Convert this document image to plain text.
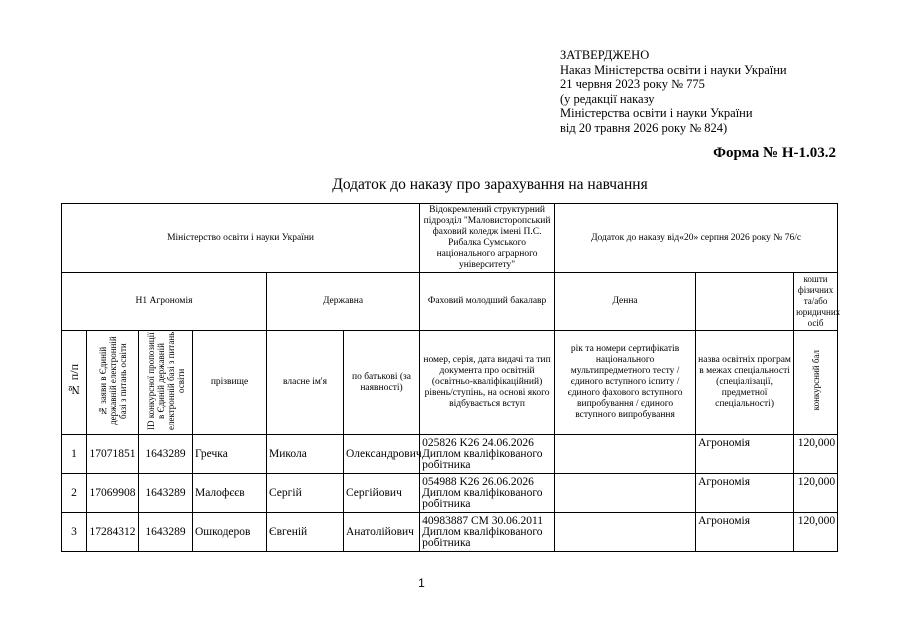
ЗАТВЕРДЖЕНО
Наказ Міністерства освіти і науки України
21 червня 2023 року № 775
(у редакції наказу
Міністерства освіти і науки України
від 20 травня 2026 року № 824)
Форма № Н-1.03.2
Додаток до наказу про зарахування на навчання
Міністерство освіти і науки України						Відокремлений структурний підрозділ "Маловисторопський фаховий коледж імені П.С. Рибалка Сумського національного аграрного університету"	Додаток до наказу від«20» серпня 2026 року № 76/с		
H1 Агрономія				Державна		Фаховий молодший бакалавр	Денна		кошти фізичних та/або юридичних осіб
№ п/п	№ заяви в Єдиній державній електронній базі з питань освіти	ID конкурсної пропозиції в Єдиній державній електронній базі з питань освіти	прізвище	власне ім'я	по батькові (за наявності)	номер, серія, дата видачі та тип документа про освітній (освітньо-кваліфікаційний) рівень/ступінь, на основі якого відбувається вступ	рік та номери сертифікатів національного мультипредметного тесту / єдиного вступного іспиту / єдиного фахового вступного випробування / єдиного вступного випробування	назва освітніх програм в межах спеціальності (спеціалізації, предметної спеціальності)	конкурсний бал
1	17071851	1643289	Гречка	Микола	Олександрович	025826 K26 24.06.2026 Диплом кваліфікованого робітника		Агрономія	120,000
2	17069908	1643289	Малофєєв	Сергій	Сергійович	054988 K26 26.06.2026 Диплом кваліфікованого робітника		Агрономія	120,000
3	17284312	1643289	Ошкодеров	Євгеній	Анатолійович	40983887 CM 30.06.2011 Диплом кваліфікованого робітника		Агрономія	120,000
1
